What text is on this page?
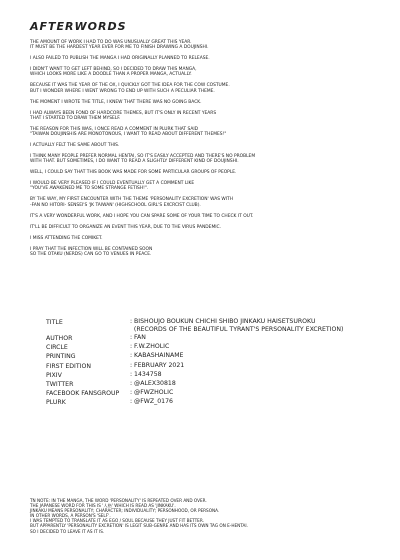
AFTERWORDS
THE AMOUNT OF WORK I HAD TO DO WAS UNUSUALLY GREAT THIS YEAR.
IT MUST BE THE HARDEST YEAR EVER FOR ME TO FINISH DRAWING A DOUJINSHI.
I ALSO FAILED TO PUBLISH THE MANGA I HAD ORIGINALLY PLANNED TO RELEASE.
I DIDN'T WANT TO GET LEFT BEHIND, SO I DECIDED TO DRAW THIS MANGA,
WHICH LOOKS MORE LIKE A DOODLE THAN A PROPER MANGA, ACTUALLY.
BECAUSE IT WAS THE YEAR OF THE OX, I QUICKLY GOT THE IDEA FOR THE COW COSTUME.
BUT I WONDER WHERE I WENT WRONG TO END UP WITH SUCH A PECULIAR THEME.
THE MOMENT I WROTE THE TITLE, I KNEW THAT THERE WAS NO GOING BACK.
I HAD ALWAYS BEEN FOND OF HARDCORE THEMES, BUT IT'S ONLY IN RECENT YEARS
THAT I STARTED TO DRAW THEM MYSELF.
THE REASON FOR THIS WAS, I ONCE READ A COMMENT IN PLURK THAT SAID
"TAIWAN DOUJINSHIS ARE MONOTONOUS, I WANT TO READ ABOUT DIFFERENT THEMES!"
I ACTUALLY FELT THE SAME ABOUT THIS.
I THINK MANY PEOPLE PREFER NORMAL HENTAI, SO IT'S EASILY ACCEPTED AND THERE'S NO PROBLEM
WITH THAT. BUT SOMETIMES, I DO WANT TO READ A SLIGHTLY DIFFERENT KIND OF DOUJINSHI.
WELL, I COULD SAY THAT THIS BOOK WAS MADE FOR SOME PARTICULAR GROUPS OF PEOPLE.
I WOULD BE VERY PLEASED IF I COULD EVENTUALLY GET A COMMENT LIKE
"YOU'VE AWAKENED ME TO SOME STRANGE FETISH!".
BY THE WAY, MY FIRST ENCOUNTER WITH THE THEME 'PERSONALITY EXCRETION' WAS WITH
-FAN NO HITORI- SENSEI'S 'JK TAIWAN' (HIGHSCHOOL GIRL'S EXCRCIST CLUB).
IT'S A VERY WONDERFUL WORK, AND I HOPE YOU CAN SPARE SOME OF YOUR TIME TO CHECK IT OUT.
IT'LL BE DIFFICULT TO ORGANIZE AN EVENT THIS YEAR, DUE TO THE VIRUS PANDEMIC.
I MISS ATTENDING THE COMIKET.
I PRAY THAT THE INFECTION WILL BE CONTAINED SOON
SO THE OTAKU (NERDS) CAN GO TO VENUES IN PEACE.
TITLE	: BISHOUJO BOUKUN CHICHI SHIBO JINKAKU HAISETSUROKU
(RECORDS OF THE BEAUTIFUL TYRANT'S PERSONALITY EXCRETION)
AUTHOR	: FAN
CIRCLE	: F.W.ZHOLIC
PRINTING	: KABASHAINAME
FIRST EDITION	: FEBRUARY 2021
PIXIV	: 1434758
TWITTER	: @ALEX30818
FACEBOOK FANSGROUP	: @FWZHOLIC
PLURK	: @FWZ_0176
TN NOTE: IN THE MANGA, THE WORD 'PERSONALITY' IS REPEATED OVER AND OVER.
THE JAPANESE WORD FOR THIS IS '人格' WHICH IS READ AS 'JINKAKU'.
JINKAKU MEANS PERSONALITY; CHARACTER; INDIVIDUALITY; PERSONHOOD, OR PERSONA.
IN OTHER WORDS, A PERSON'S 'SELF'.
I WAS TEMPTED TO TRANSLATE IT AS EGO / SOUL BECAUSE THEY JUST FIT BETTER.
BUT APPARENTLY 'PERSONALITY EXCRETION' IS LEGIT SUB-GENRE AND HAS ITS OWN TAG ON E-HENTAI.
SO I DECIDED TO LEAVE IT AS IT IS.
